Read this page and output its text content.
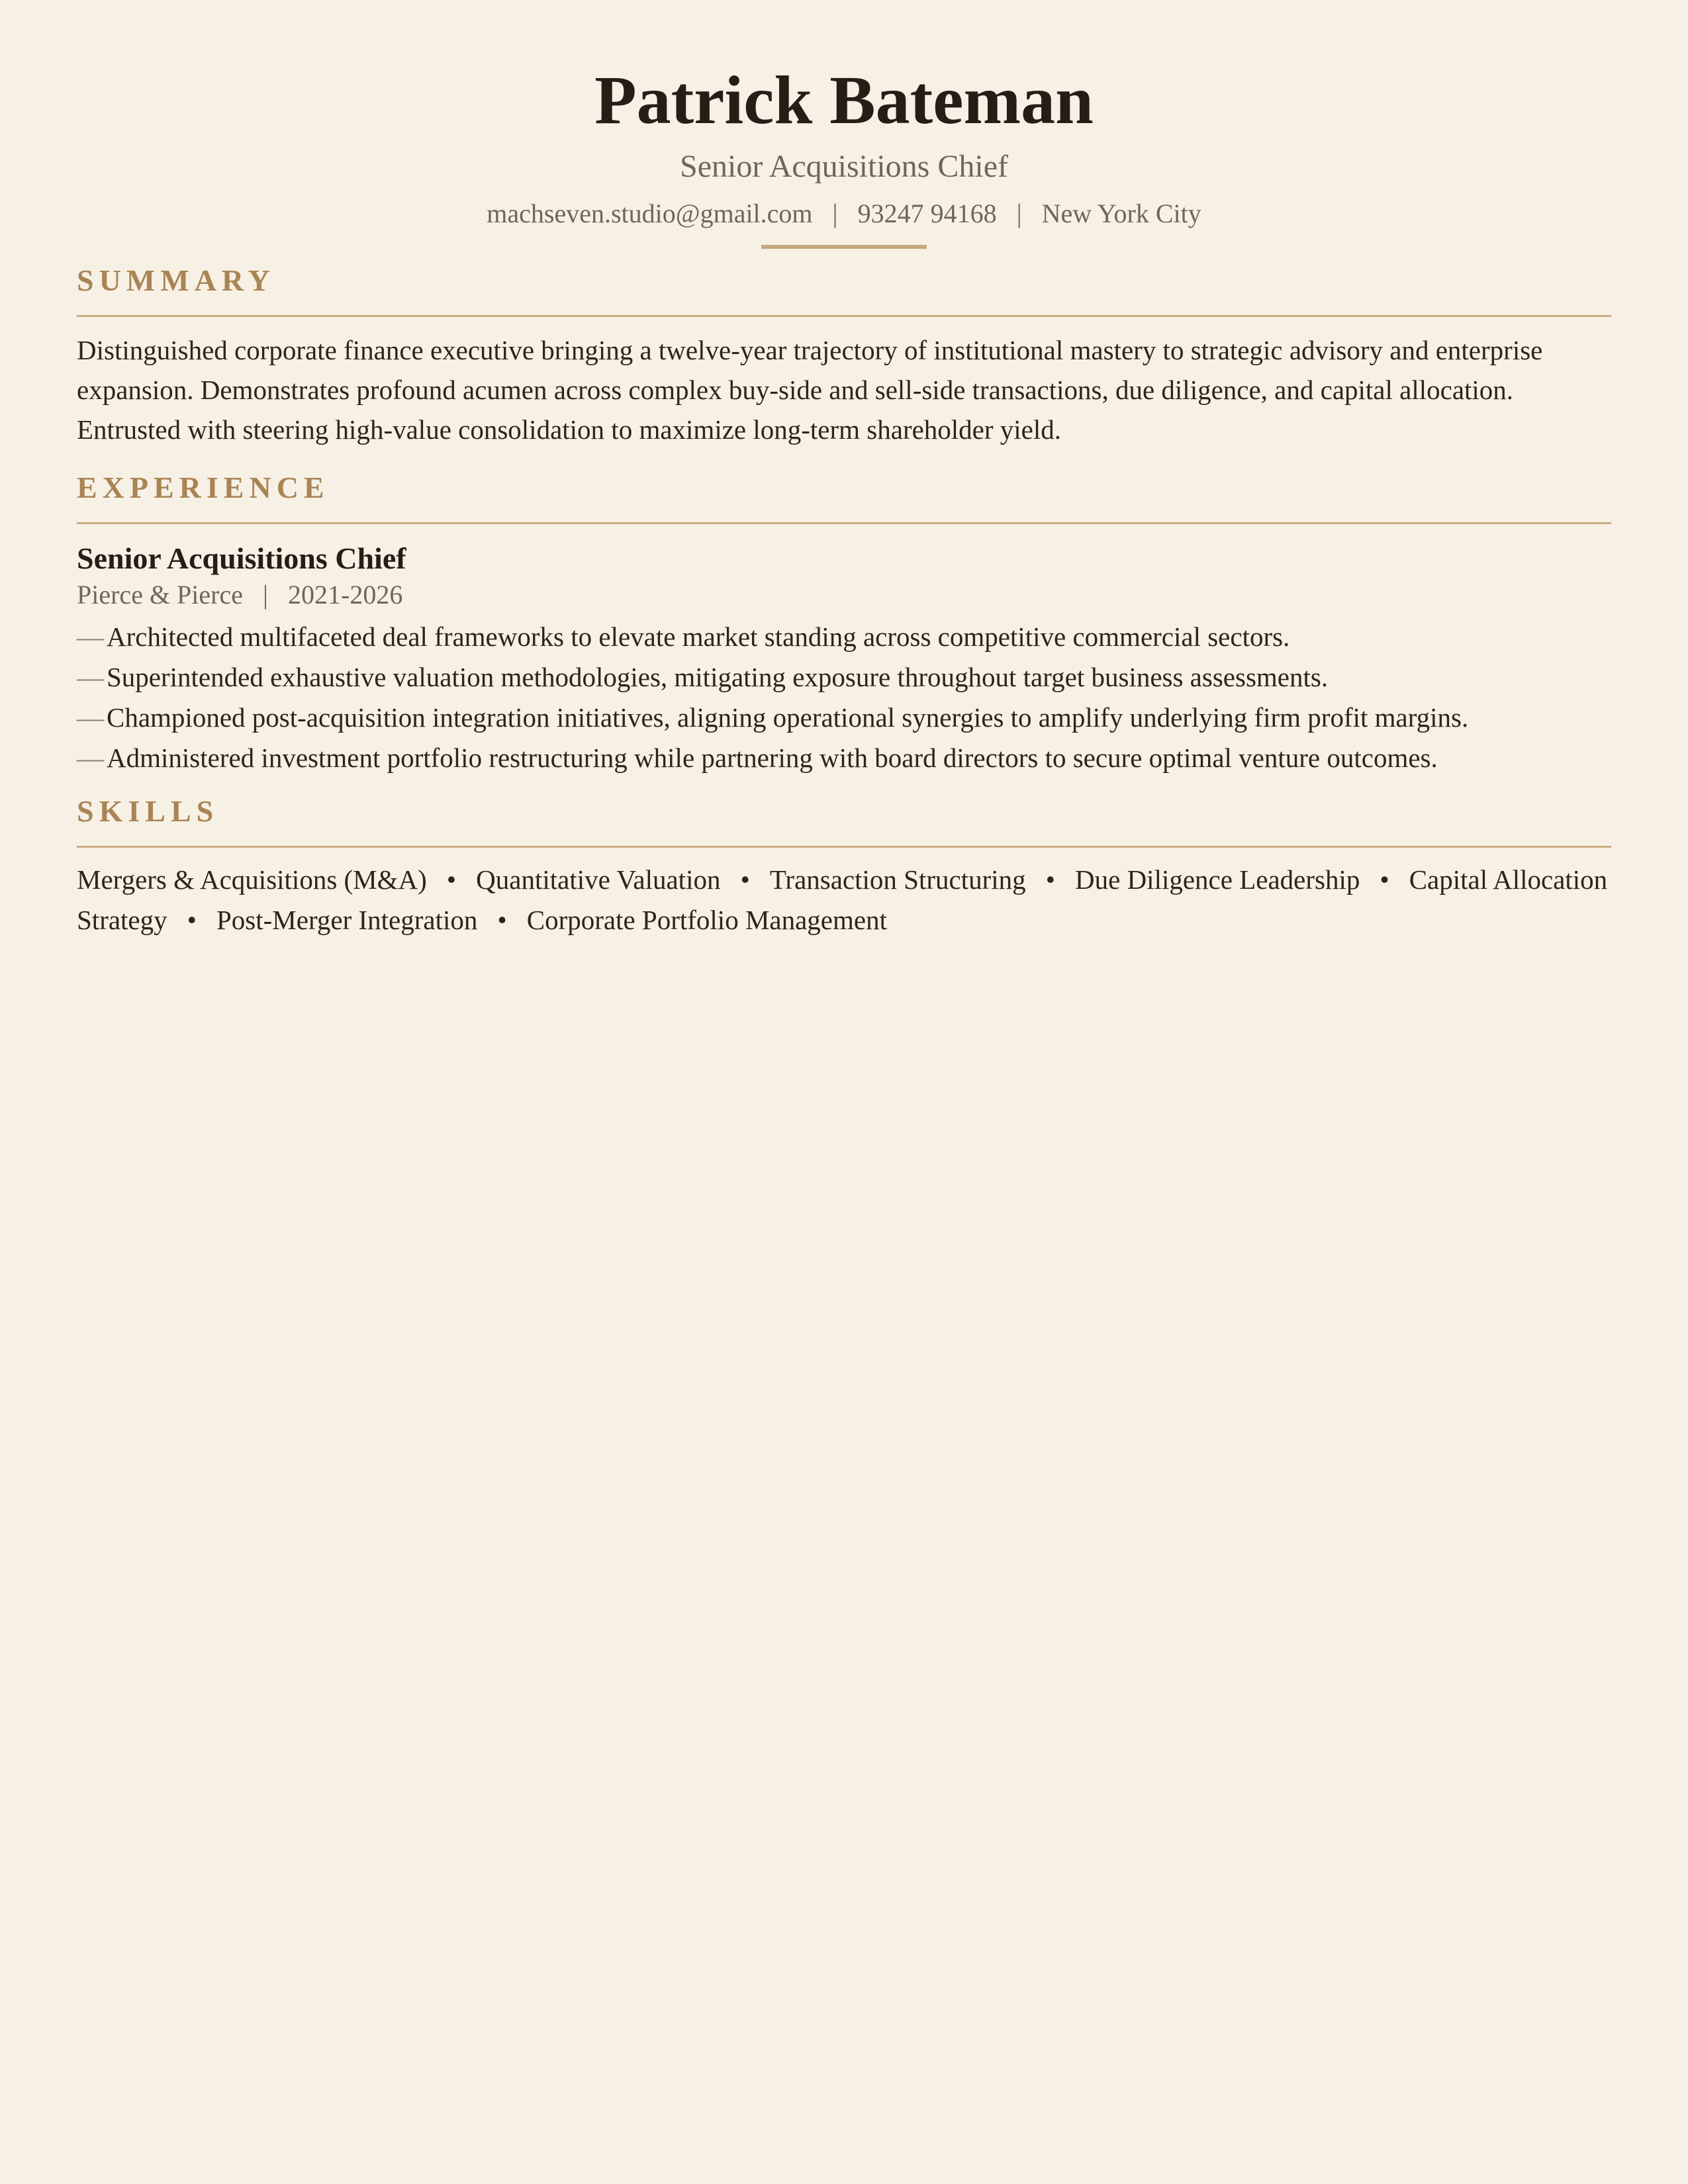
Patrick Bateman
Senior Acquisitions Chief
machseven.studio@gmail.com | 93247 94168 | New York City
SUMMARY

Distinguished corporate finance executive bringing a twelve-year trajectory of institutional mastery to strategic advisory and enterprise expansion. Demonstrates profound acumen across complex buy-side and sell-side transactions, due diligence, and capital allocation. Entrusted with steering high-value consolidation to maximize long-term shareholder yield.

EXPERIENCE
Senior Acquisitions Chief
Pierce & Pierce | 2021-2026
—Architected multifaceted deal frameworks to elevate market standing across competitive commercial sectors.
—Superintended exhaustive valuation methodologies, mitigating exposure throughout target business assessments.
—Championed post-acquisition integration initiatives, aligning operational synergies to amplify underlying firm profit margins.
—Administered investment portfolio restructuring while partnering with board directors to secure optimal venture outcomes.
SKILLS
Mergers & Acquisitions (M&A) • Quantitative Valuation • Transaction Structuring • Due Diligence Leadership • Capital Allocation Strategy • Post-Merger Integration • Corporate Portfolio Management
